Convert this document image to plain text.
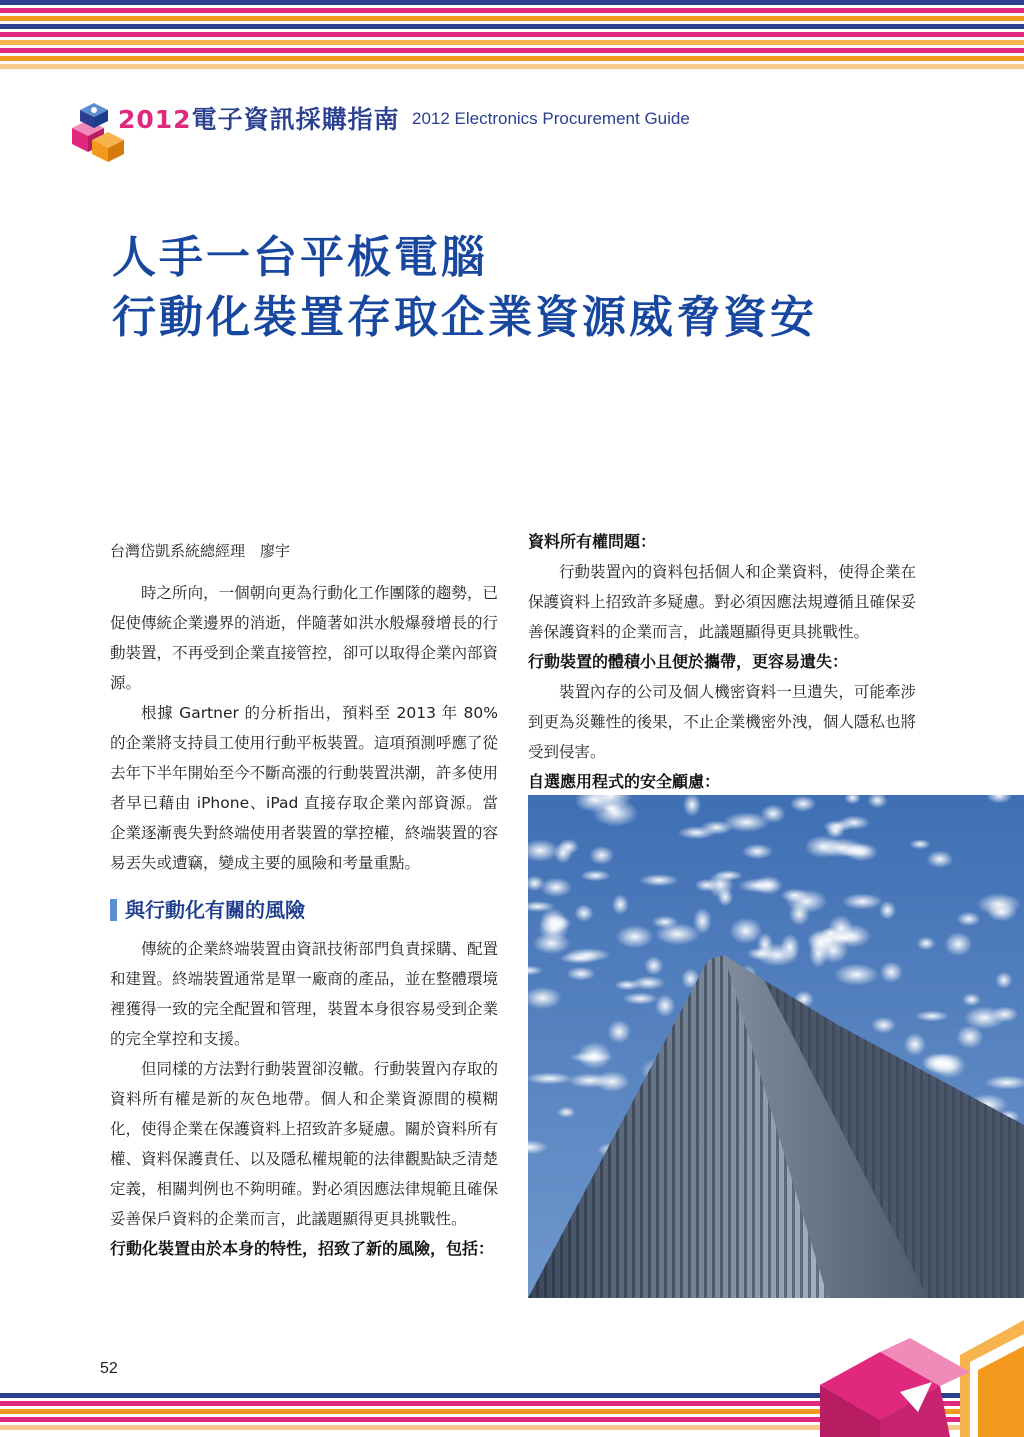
2012電子資訊採購指南 2012 Electronics Procurement Guide
人手一台平板電腦
行動化裝置存取企業資源威脅資安
台灣岱凱系統總經理　廖宇

時之所向，一個朝向更為行動化工作團隊的趨勢，已促使傳統企業邊界的消逝，伴隨著如洪水般爆發增長的行動裝置，不再受到企業直接管控，卻可以取得企業內部資源。

根據 Gartner 的分析指出，預料至 2013 年 80% 的企業將支持員工使用行動平板裝置。這項預測呼應了從去年下半年開始至今不斷高漲的行動裝置洪潮，許多使用者早已藉由 iPhone、iPad 直接存取企業內部資源。當企業逐漸喪失對終端使用者裝置的掌控權，終端裝置的容易丟失或遭竊，變成主要的風險和考量重點。

與行動化有關的風險

傳統的企業終端裝置由資訊技術部門負責採購、配置和建置。終端裝置通常是單一廠商的產品，並在整體環境裡獲得一致的完全配置和管理，裝置本身很容易受到企業的完全掌控和支援。

但同樣的方法對行動裝置卻沒轍。行動裝置內存取的資料所有權是新的灰色地帶。個人和企業資源間的模糊化，使得企業在保護資料上招致許多疑慮。關於資料所有權、資料保護責任、以及隱私權規範的法律觀點缺乏清楚定義，相關判例也不夠明確。對必須因應法律規範且確保妥善保戶資料的企業而言，此議題顯得更具挑戰性。

行動化裝置由於本身的特性，招致了新的風險，包括：

資料所有權問題：

行動裝置內的資料包括個人和企業資料，使得企業在保護資料上招致許多疑慮。對必須因應法規遵循且確保妥善保護資料的企業而言，此議題顯得更具挑戰性。

行動裝置的體積小且便於攜帶，更容易遺失：

裝置內存的公司及個人機密資料一旦遺失，可能牽涉到更為災難性的後果，不止企業機密外洩，個人隱私也將受到侵害。

自選應用程式的安全顧慮：

52
